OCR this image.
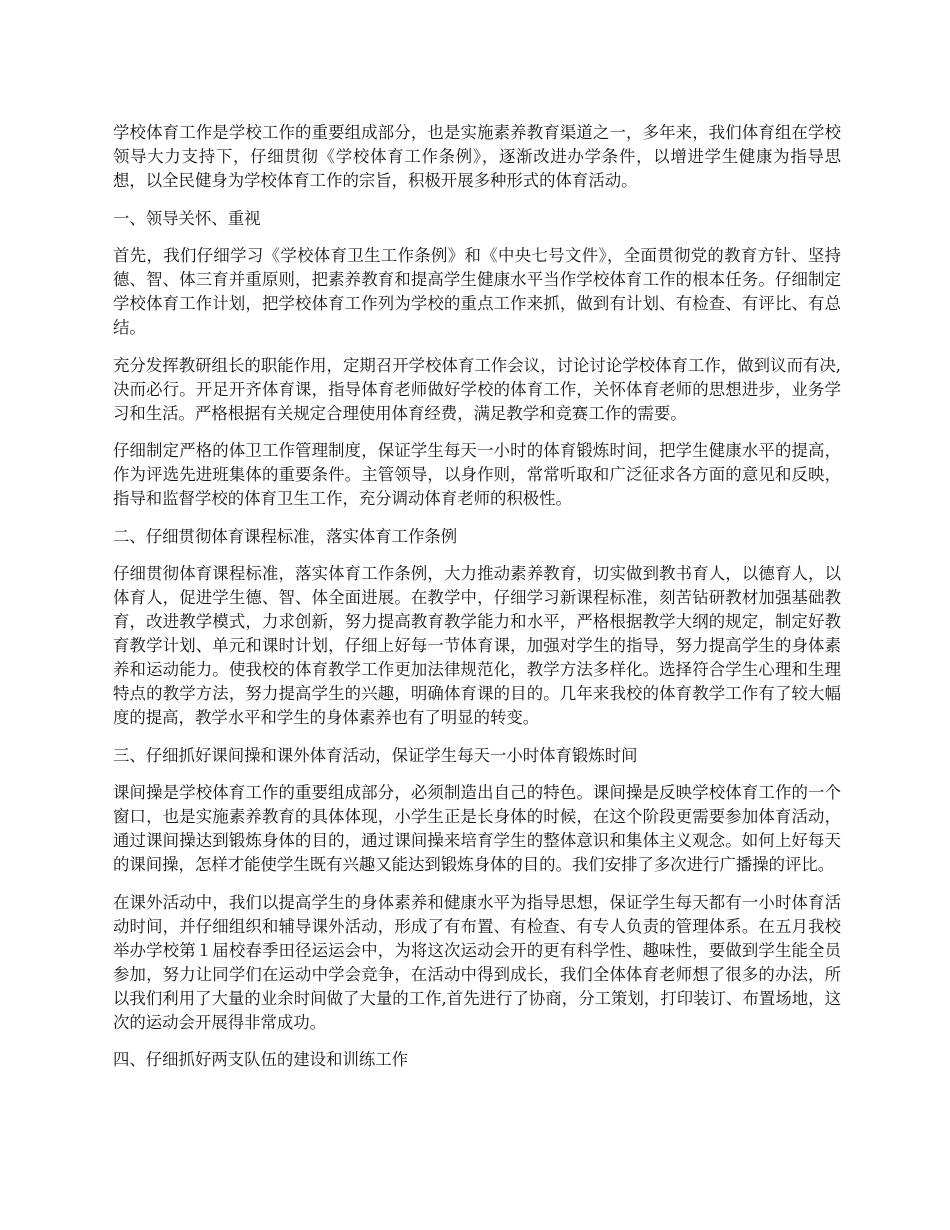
学校体育工作是学校工作的重要组成部分，也是实施素养教育渠道之一，多年来，我们体育组在学校领导大力支持下，仔细贯彻《学校体育工作条例》，逐渐改进办学条件，以增进学生健康为指导思想，以全民健身为学校体育工作的宗旨，积极开展多种形式的体育活动。

一、领导关怀、重视

首先，我们仔细学习《学校体育卫生工作条例》和《中央七号文件》，全面贯彻党的教育方针、坚持德、智、体三育并重原则，把素养教育和提高学生健康水平当作学校体育工作的根本任务。仔细制定学校体育工作计划，把学校体育工作列为学校的重点工作来抓，做到有计划、有检查、有评比、有总结。

充分发挥教研组长的职能作用，定期召开学校体育工作会议，讨论讨论学校体育工作，做到议而有决,决而必行。开足开齐体育课，指导体育老师做好学校的体育工作，关怀体育老师的思想进步，业务学习和生活。严格根据有关规定合理使用体育经费，满足教学和竞赛工作的需要。

仔细制定严格的体卫工作管理制度，保证学生每天一小时的体育锻炼时间，把学生健康水平的提高，作为评选先进班集体的重要条件。主管领导，以身作则，常常听取和广泛征求各方面的意见和反映，指导和监督学校的体育卫生工作，充分调动体育老师的积极性。

二、仔细贯彻体育课程标准，落实体育工作条例

仔细贯彻体育课程标准，落实体育工作条例，大力推动素养教育，切实做到教书育人，以德育人，以体育人，促进学生德、智、体全面进展。在教学中，仔细学习新课程标准，刻苦钻研教材加强基础教育，改进教学模式，力求创新，努力提高教育教学能力和水平，严格根据教学大纲的规定，制定好教育教学计划、单元和课时计划，仔细上好每一节体育课，加强对学生的指导，努力提高学生的身体素养和运动能力。使我校的体育教学工作更加法律规范化，教学方法多样化。选择符合学生心理和生理特点的教学方法，努力提高学生的兴趣，明确体育课的目的。几年来我校的体育教学工作有了较大幅度的提高，教学水平和学生的身体素养也有了明显的转变。

三、仔细抓好课间操和课外体育活动，保证学生每天一小时体育锻炼时间

课间操是学校体育工作的重要组成部分，必须制造出自己的特色。课间操是反映学校体育工作的一个窗口，也是实施素养教育的具体体现，小学生正是长身体的时候，在这个阶段更需要参加体育活动，通过课间操达到锻炼身体的目的，通过课间操来培育学生的整体意识和集体主义观念。如何上好每天的课间操，怎样才能使学生既有兴趣又能达到锻炼身体的目的。我们安排了多次进行广播操的评比。

在课外活动中，我们以提高学生的身体素养和健康水平为指导思想，保证学生每天都有一小时体育活动时间，并仔细组织和辅导课外活动，形成了有布置、有检查、有专人负责的管理体系。在五月我校举办学校第１届校春季田径运运会中，为将这次运动会开的更有科学性、趣味性，要做到学生能全员参加，努力让同学们在运动中学会竞争，在活动中得到成长，我们全体体育老师想了很多的办法，所以我们利用了大量的业余时间做了大量的工作,首先进行了协商，分工策划，打印装订、布置场地，这次的运动会开展得非常成功。

四、仔细抓好两支队伍的建设和训练工作
